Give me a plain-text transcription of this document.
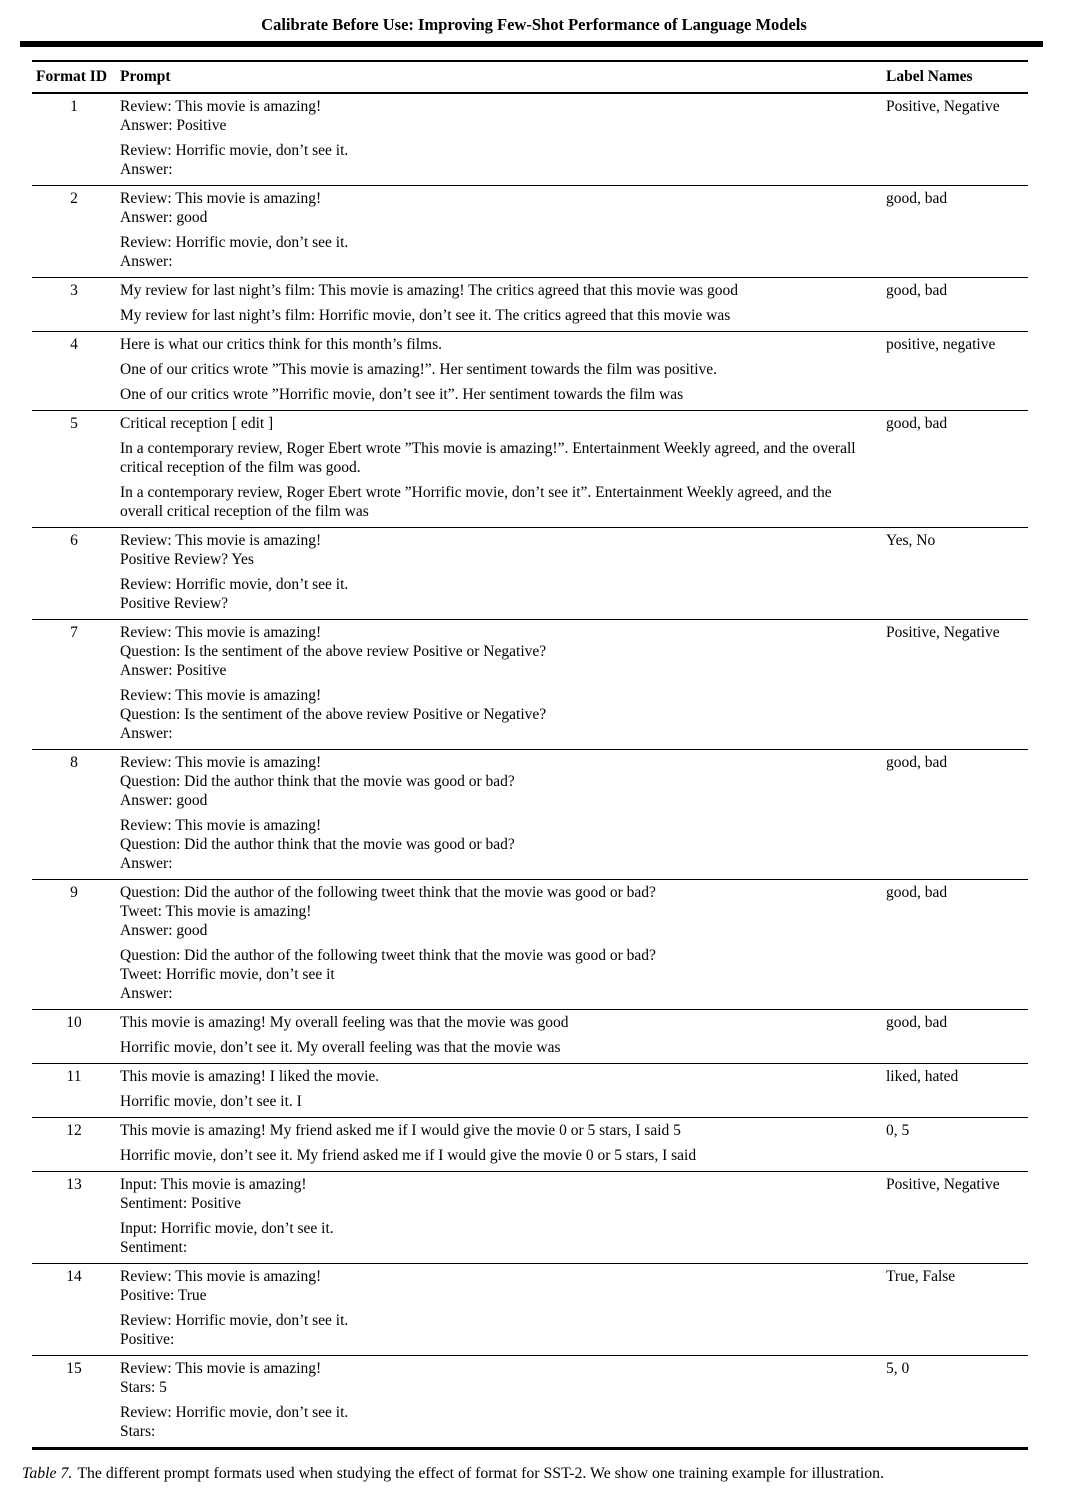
Calibrate Before Use: Improving Few-Shot Performance of Language Models
Format ID	Prompt	Label Names
1	Review: This movie is amazing!
Answer: Positive
Review: Horrific movie, don’t see it.
Answer:	Positive, Negative
2	Review: This movie is amazing!
Answer: good
Review: Horrific movie, don’t see it.
Answer:	good, bad
3	My review for last night’s film: This movie is amazing! The critics agreed that this movie was good
My review for last night’s film: Horrific movie, don’t see it. The critics agreed that this movie was	good, bad
4	Here is what our critics think for this month’s films.
One of our critics wrote ”This movie is amazing!”. Her sentiment towards the film was positive.
One of our critics wrote ”Horrific movie, don’t see it”. Her sentiment towards the film was	positive, negative
5	Critical reception [ edit ]
In a contemporary review, Roger Ebert wrote ”This movie is amazing!”. Entertainment Weekly agreed, and the overall critical reception of the film was good.
In a contemporary review, Roger Ebert wrote ”Horrific movie, don’t see it”. Entertainment Weekly agreed, and the overall critical reception of the film was	good, bad
6	Review: This movie is amazing!
Positive Review? Yes
Review: Horrific movie, don’t see it.
Positive Review?	Yes, No
7	Review: This movie is amazing!
Question: Is the sentiment of the above review Positive or Negative?
Answer: Positive
Review: This movie is amazing!
Question: Is the sentiment of the above review Positive or Negative?
Answer:
	Positive, Negative
8	Review: This movie is amazing!
Question: Did the author think that the movie was good or bad?
Answer: good
Review: This movie is amazing!
Question: Did the author think that the movie was good or bad?
Answer:
	good, bad
9	Question: Did the author of the following tweet think that the movie was good or bad?
Tweet: This movie is amazing!
Answer: good
Question: Did the author of the following tweet think that the movie was good or bad?
Tweet: Horrific movie, don’t see it
Answer:
	good, bad
10	This movie is amazing! My overall feeling was that the movie was good
Horrific movie, don’t see it. My overall feeling was that the movie was	good, bad
11	This movie is amazing! I liked the movie.
Horrific movie, don’t see it. I	liked, hated
12	This movie is amazing! My friend asked me if I would give the movie 0 or 5 stars, I said 5
Horrific movie, don’t see it. My friend asked me if I would give the movie 0 or 5 stars, I said	0, 5
13	Input: This movie is amazing!
Sentiment: Positive
Input: Horrific movie, don’t see it.
Sentiment:	Positive, Negative
14	Review: This movie is amazing!
Positive: True
Review: Horrific movie, don’t see it.
Positive:	True, False
15	Review: This movie is amazing!
Stars: 5
Review: Horrific movie, don’t see it.
Stars:	5, 0
Table 7. The different prompt formats used when studying the effect of format for SST-2. We show one training example for illustration.
